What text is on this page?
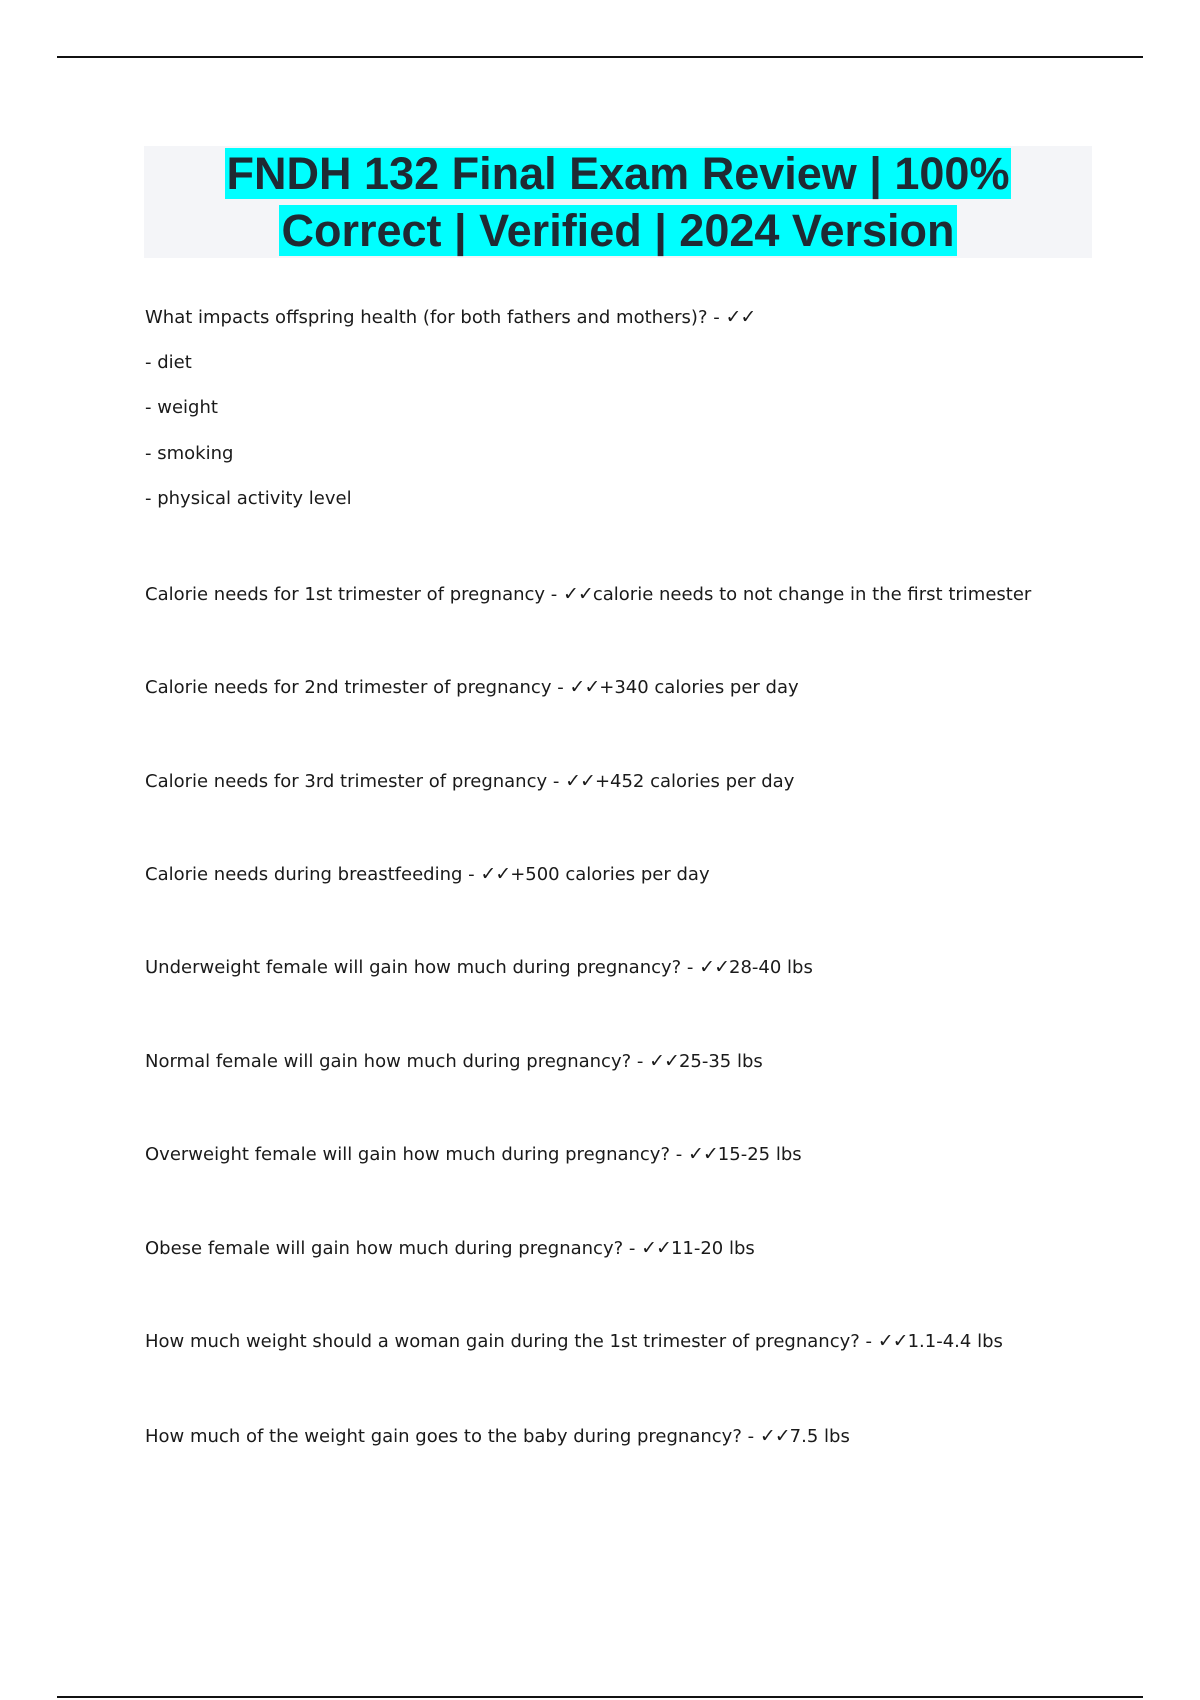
FNDH 132 Final Exam Review | 100%
Correct | Verified | 2024 Version
What impacts offspring health (for both fathers and mothers)? - ✓✓
- diet
- weight
- smoking
- physical activity level
Calorie needs for 1st trimester of pregnancy - ✓✓calorie needs to not change in the first trimester
Calorie needs for 2nd trimester of pregnancy - ✓✓+340 calories per day
Calorie needs for 3rd trimester of pregnancy - ✓✓+452 calories per day
Calorie needs during breastfeeding - ✓✓+500 calories per day
Underweight female will gain how much during pregnancy? - ✓✓28-40 lbs
Normal female will gain how much during pregnancy? - ✓✓25-35 lbs
Overweight female will gain how much during pregnancy? - ✓✓15-25 lbs
Obese female will gain how much during pregnancy? - ✓✓11-20 lbs
How much weight should a woman gain during the 1st trimester of pregnancy? - ✓✓1.1-4.4 lbs
How much of the weight gain goes to the baby during pregnancy? - ✓✓7.5 lbs
